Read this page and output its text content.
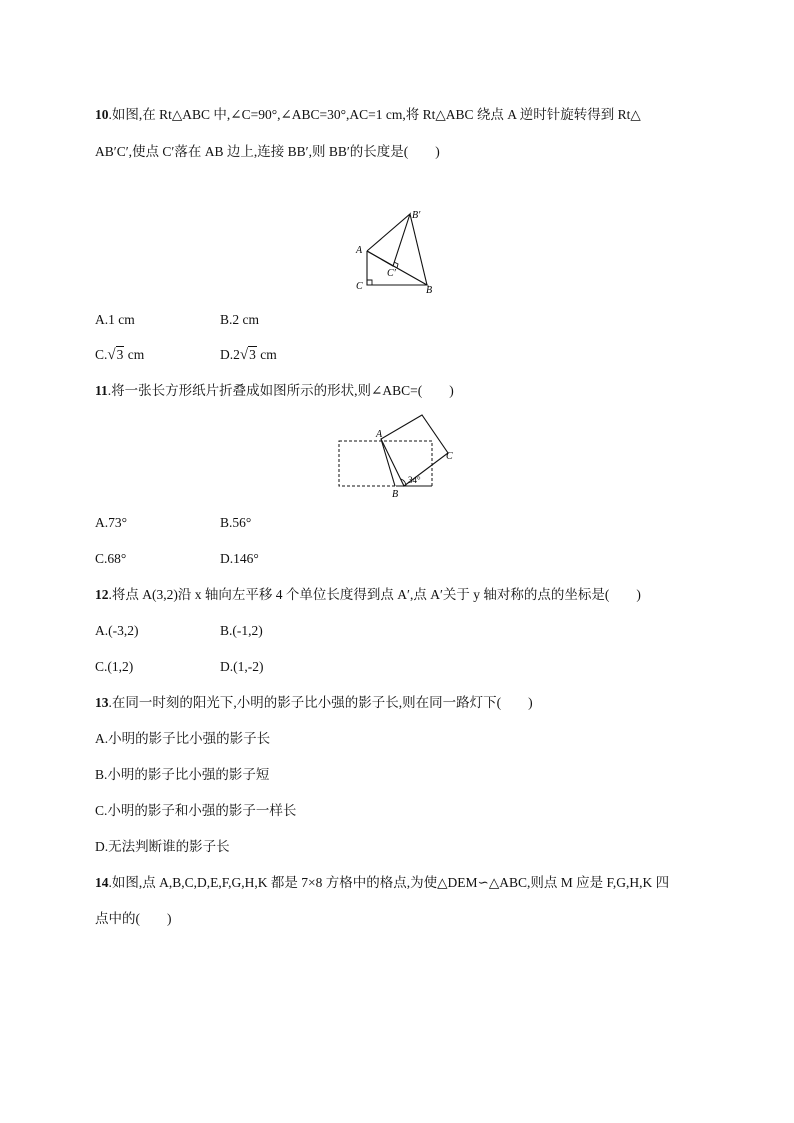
10.如图,在 Rt△ABC 中,∠C=90°,∠ABC=30°,AC=1 cm,将 Rt△ABC 绕点 A 逆时针旋转得到 Rt△
AB′C′,使点 C′落在 AB 边上,连接 BB′,则 BB′的长度是(　　)
A
C	B
B′
C′
A.1 cm	B.2 cm
C.√3 cm	D.2√3 cm
11.将一张长方形纸片折叠成如图所示的形状,则∠ABC=(　　)
A
B
C
34°
A.73°	B.56°
C.68°	D.146°
12.将点 A(3,2)沿 x 轴向左平移 4 个单位长度得到点 A′,点 A′关于 y 轴对称的点的坐标是(　　)
A.(-3,2)	B.(-1,2)
C.(1,2)	D.(1,-2)
13.在同一时刻的阳光下,小明的影子比小强的影子长,则在同一路灯下(　　)
A.小明的影子比小强的影子长
B.小明的影子比小强的影子短
C.小明的影子和小强的影子一样长
D.无法判断谁的影子长
14.如图,点 A,B,C,D,E,F,G,H,K 都是 7×8 方格中的格点,为使△DEM∽△ABC,则点 M 应是 F,G,H,K 四
点中的(　　)
